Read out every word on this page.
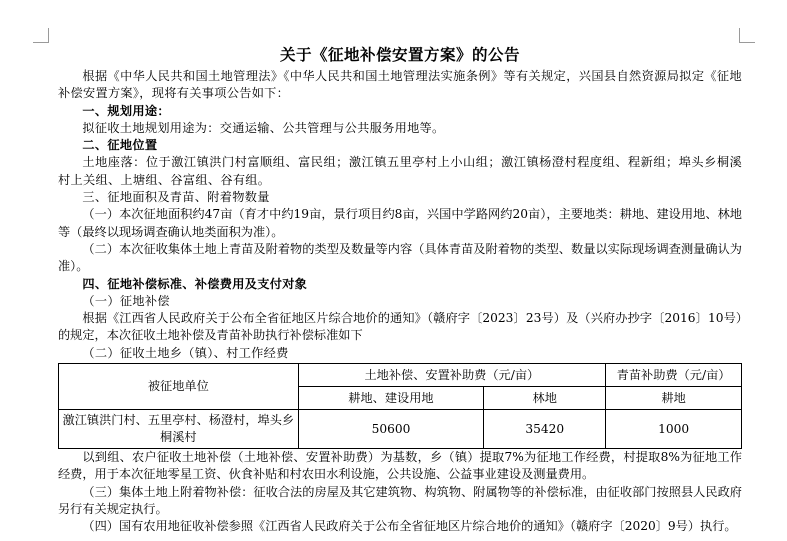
关于《征地补偿安置方案》的公告

根据《中华人民共和国土地管理法》《中华人民共和国土地管理法实施条例》等有关规定，兴国县自然资源局拟定《征地补偿安置方案》，现将有关事项公告如下：

一、规划用途：

拟征收土地规划用途为：交通运输、公共管理与公共服务用地等。

二、征地位置

土地座落：位于激江镇洪门村富顺组、富民组；激江镇五里亭村上小山组；激江镇杨澄村程度组、程新组；埠头乡桐溪村上关组、上塘组、谷富组、谷有组。

三、征地面积及青苗、附着物数量

（一）本次征地面积约47亩（育才中约19亩，景行项目约8亩，兴国中学路网约20亩），主要地类：耕地、建设用地、林地等（最终以现场调查确认地类面积为准）。

（二）本次征收集体土地上青苗及附着物的类型及数量等内容（具体青苗及附着物的类型、数量以实际现场调查测量确认为准）。

四、征地补偿标准、补偿费用及支付对象

（一）征地补偿

根据《江西省人民政府关于公布全省征地区片综合地价的通知》（赣府字〔2023〕23号）及（兴府办抄字〔2016〕10号）的规定，本次征收土地补偿及青苗补助执行补偿标准如下

（二）征收土地乡（镇）、村工作经费

被征地单位	土地补偿、安置补助费（元/亩）		青苗补助费（元/亩）
	耕地、建设用地	林地	耕地
激江镇洪门村、五里亭村、杨澄村，埠头乡桐溪村	50600	35420	1000

以到组、农户征收土地补偿（土地补偿、安置补助费）为基数，乡（镇）提取7%为征地工作经费，村提取8%为征地工作经费，用于本次征地零星工资、伙食补贴和村农田水利设施，公共设施、公益事业建设及测量费用。

（三）集体土地上附着物补偿：征收合法的房屋及其它建筑物、构筑物、附属物等的补偿标准，由征收部门按照县人民政府另行有关规定执行。

（四）国有农用地征收补偿参照《江西省人民政府关于公布全省征地区片综合地价的通知》（赣府字〔2020〕9号）执行。
